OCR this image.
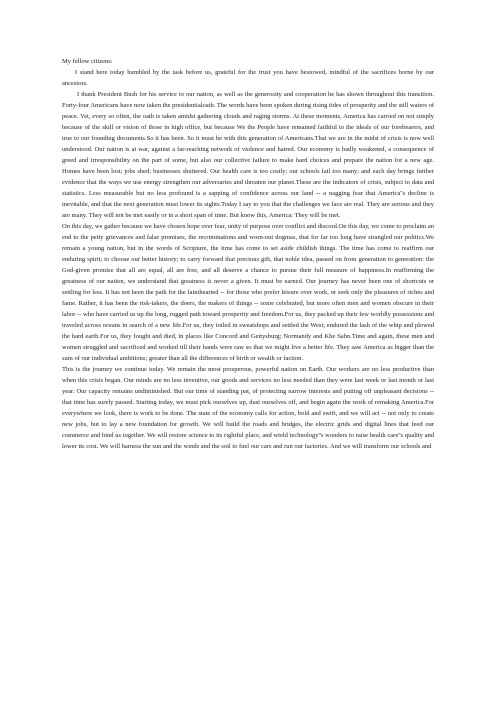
My fellow citizens:

I stand here today humbled by the task before us, grateful for the trust you have bestowed, mindful of the sacrifices borne by our ancestors.

I thank President Bush for his service to our nation, as well as the generosity and cooperation he has shown throughout this transition. Forty-four Americans have now taken the presidentialoath. The words have been spoken during rising tides of prosperity and the still waters of peace. Yet, every so often, the oath is taken amidst gathering clouds and raging storms. At these moments, America has carried on not simply because of the skill or vision of those in high office, but because We the People have remained faithful to the ideals of our forebearers, and true to our founding documents.So it has been. So it must be with this generation of Americans.That we are in the midst of crisis is now well understood. Our nation is at war, against a far-reaching network of violence and hatred. Our economy is badly weakened, a consequence of greed and irresponsibility on the part of some, but also our collective failure to make hard choices and prepare the nation for a new age. Homes have been lost; jobs shed; businesses shuttered. Our health care is too costly; our schools fail too many; and each day brings further evidence that the ways we use energy strengthen our adversaries and threaten our planet.These are the indicators of crisis, subject to data and statistics. Less measurable but no less profound is a sapping of confidence across our land -- a nagging fear that America''s decline is inevitable, and that the next generation must lower its sights.Today I say to you that the challenges we face are real. They are serious and they are many. They will not be met easily or in a short span of time. But know this, America: They will be met.

On this day, we gather because we have chosen hope over fear, unity of purpose over conflict and discord.On this day, we come to proclaim an end to the petty grievances and false promises, the recriminations and worn-out dogmas, that for far too long have strangled our politics.We remain a young nation, but in the words of Scripture, the time has come to set aside childish things. The time has come to reaffirm our enduring spirit; to choose our better history; to carry forward that precious gift, that noble idea, passed on from generation to generation: the God-given promise that all are equal, all are free, and all deserve a chance to pursue their full measure of happiness.In reaffirming the greatness of our nation, we understand that greatness is never a given. It must be earned. Our journey has never been one of shortcuts or settling for less. It has not been the path for the fainthearted -- for those who prefer leisure over work, or seek only the pleasures of riches and fame. Rather, it has been the risk-takers, the doers, the makers of things -- some celebrated, but more often men and women obscure in their labor -- who have carried us up the long, rugged path toward prosperity and freedom.For us, they packed up their few worldly possessions and traveled across oceans in search of a new life.For us, they toiled in sweatshops and settled the West; endured the lash of the whip and plowed the hard earth.For us, they fought and died, in places like Concord and Gettysburg; Normandy and Khe Sahn.Time and again, these men and women struggled and sacrificed and worked till their hands were raw so that we might live a better life. They saw America as bigger than the sum of our individual ambitions; greater than all the differences of birth or wealth or faction.

This is the journey we continue today. We remain the most prosperous, powerful nation on Earth. Our workers are no less productive than when this crisis began. Our minds are no less inventive, our goods and services no less needed than they were last week or last month or last year. Our capacity remains undiminished. But our time of standing pat, of protecting narrow interests and putting off unpleasant decisions -- that time has surely passed. Starting today, we must pick ourselves up, dust ourselves off, and begin again the work of remaking America.For everywhere we look, there is work to be done. The state of the economy calls for action, bold and swift, and we will act -- not only to create new jobs, but to lay a new foundation for growth. We will build the roads and bridges, the electric grids and digital lines that feed our commerce and bind us together. We will restore science to its rightful place, and wield technology''s wonders to raise health care''s quality and lower its cost. We will harness the sun and the winds and the soil to fuel our cars and run our factories. And we will transform our schools and
